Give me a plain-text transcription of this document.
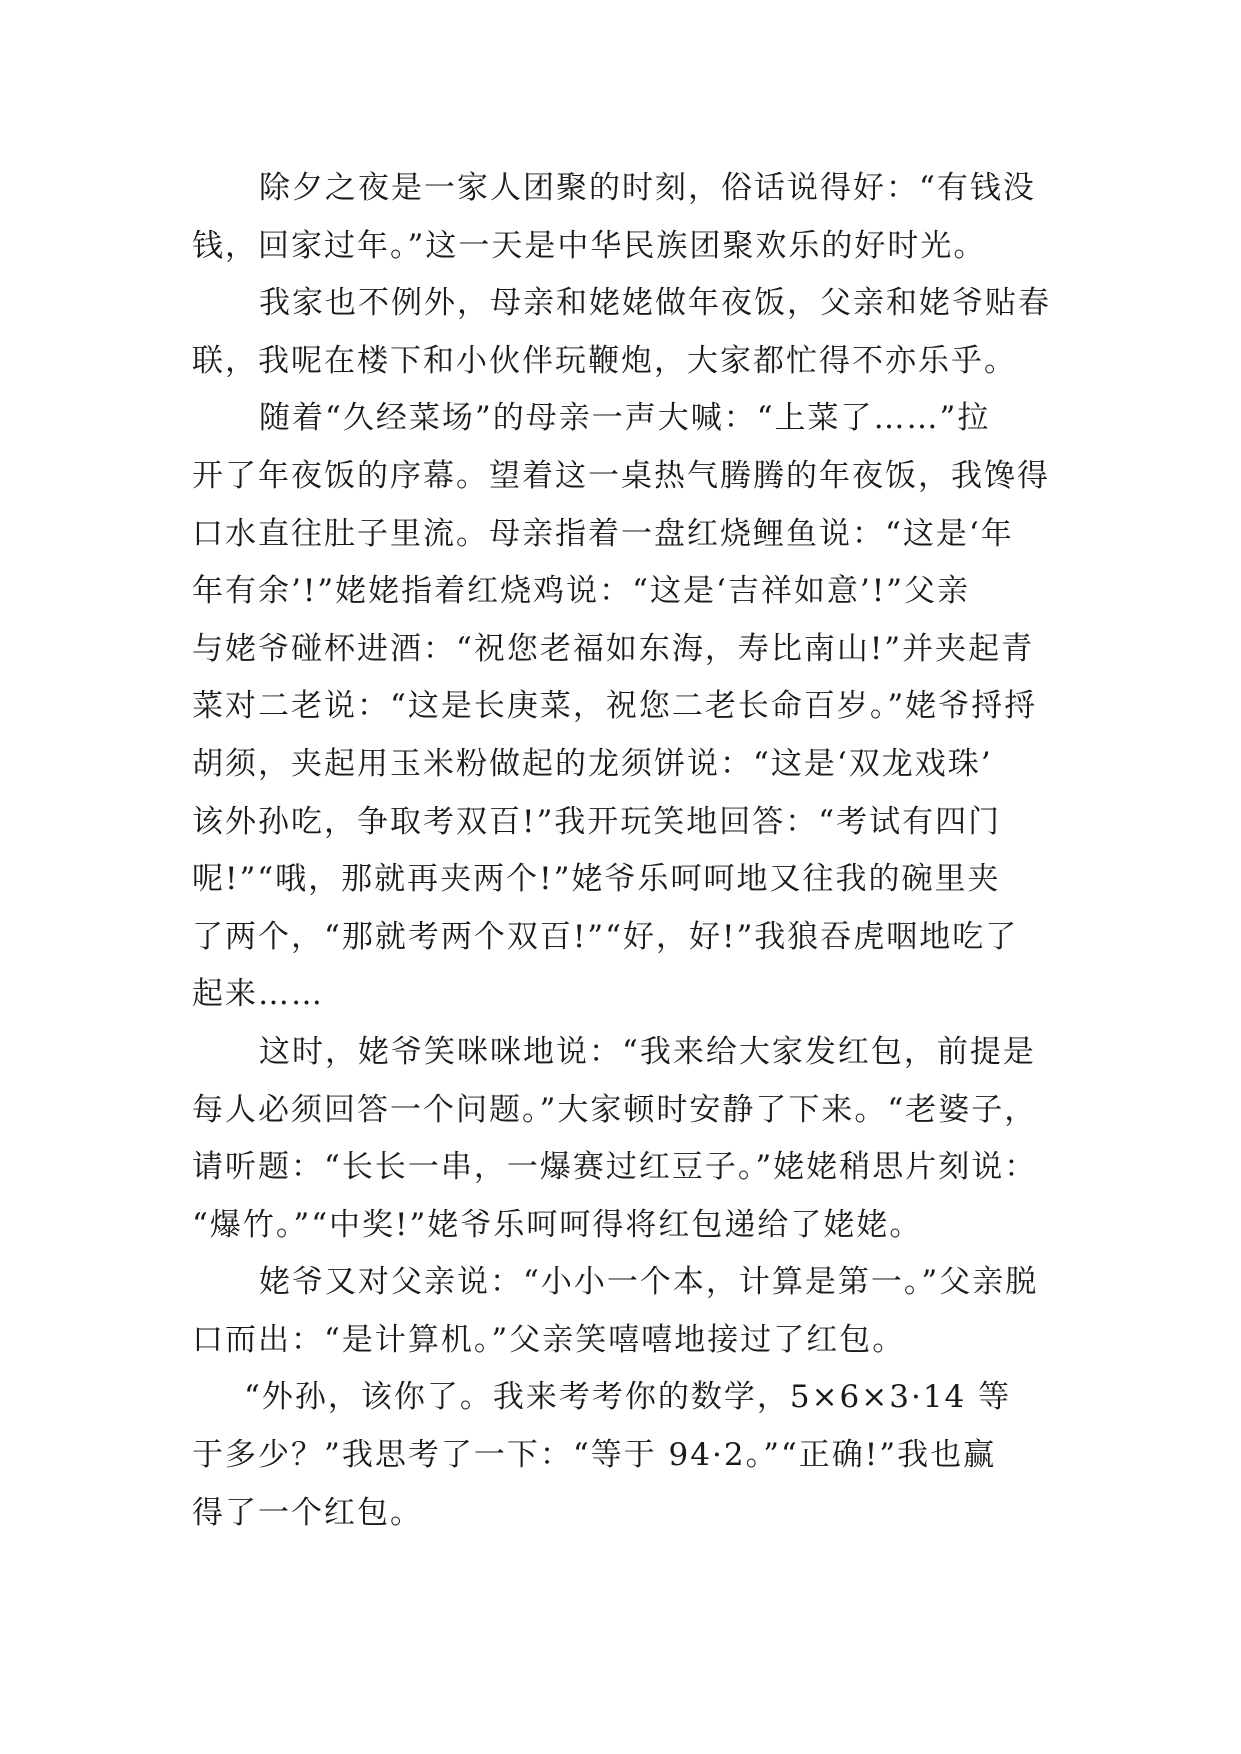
除夕之夜是一家人团聚的时刻，俗话说得好：“有钱没
钱，回家过年。”这一天是中华民族团聚欢乐的好时光。
我家也不例外，母亲和姥姥做年夜饭，父亲和姥爷贴春
联，我呢在楼下和小伙伴玩鞭炮，大家都忙得不亦乐乎。
随着“久经菜场”的母亲一声大喊：“上菜了……”拉
开了年夜饭的序幕。望着这一桌热气腾腾的年夜饭，我馋得
口水直往肚子里流。母亲指着一盘红烧鲤鱼说：“这是‘年
年有余’!”姥姥指着红烧鸡说：“这是‘吉祥如意’!”父亲
与姥爷碰杯进酒：“祝您老福如东海，寿比南山!”并夹起青
菜对二老说：“这是长庚菜，祝您二老长命百岁。”姥爷捋捋
胡须，夹起用玉米粉做起的龙须饼说：“这是‘双龙戏珠’
该外孙吃，争取考双百!”我开玩笑地回答：“考试有四门
呢!”“哦，那就再夹两个!”姥爷乐呵呵地又往我的碗里夹
了两个，“那就考两个双百!”“好，好!”我狼吞虎咽地吃了
起来……
这时，姥爷笑咪咪地说：“我来给大家发红包，前提是
每人必须回答一个问题。”大家顿时安静了下来。“老婆子，
请听题：“长长一串，一爆赛过红豆子。”姥姥稍思片刻说：
“爆竹。”“中奖!”姥爷乐呵呵得将红包递给了姥姥。
姥爷又对父亲说：“小小一个本，计算是第一。”父亲脱
口而出：“是计算机。”父亲笑嘻嘻地接过了红包。
“外孙，该你了。我来考考你的数学，5×6×3·14 等
于多少？”我思考了一下：“等于 94·2。”“正确!”我也赢
得了一个红包。
